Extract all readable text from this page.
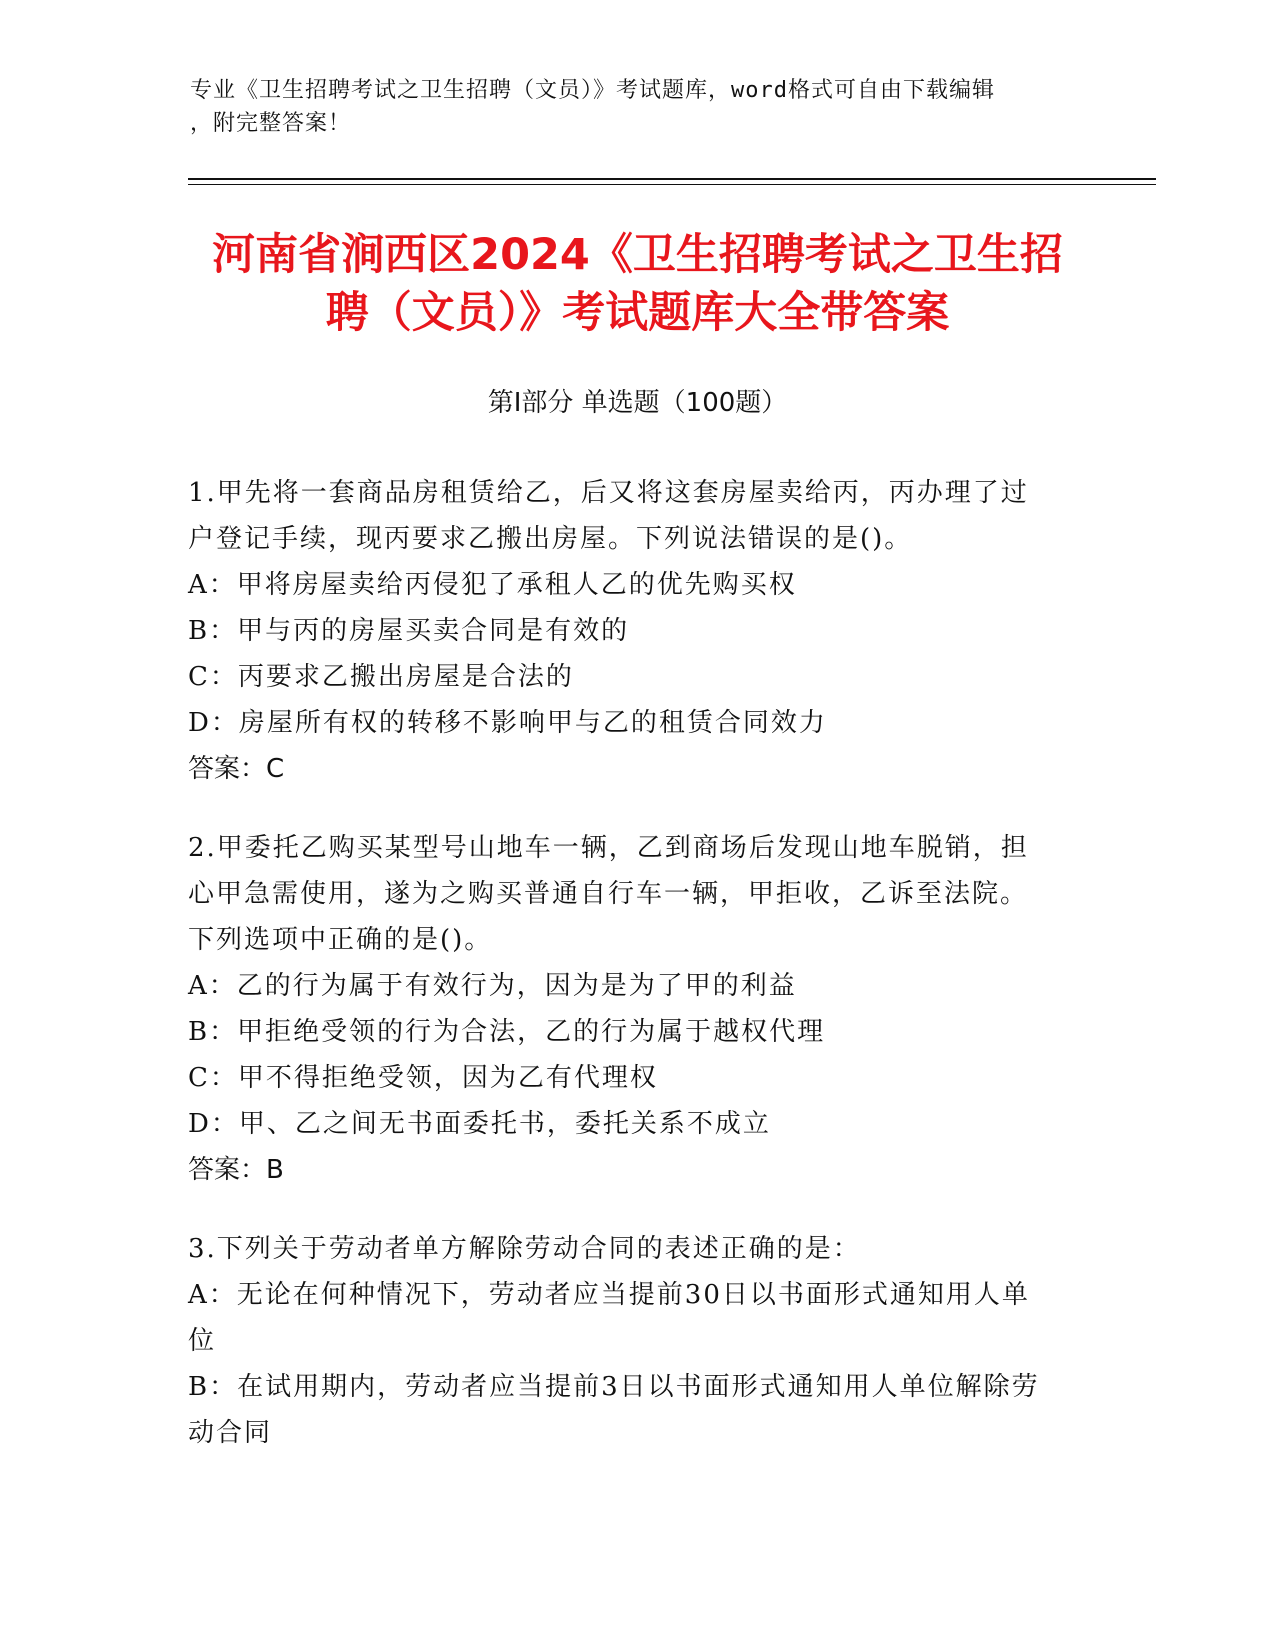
专业《卫生招聘考试之卫生招聘（文员）》考试题库，word格式可自由下载编辑
，附完整答案！
河南省涧西区2024《卫生招聘考试之卫生招
聘（文员）》考试题库大全带答案
第Ⅰ部分 单选题（100题）
1.甲先将一套商品房租赁给乙，后又将这套房屋卖给丙，丙办理了过
户登记手续，现丙要求乙搬出房屋。下列说法错误的是()。
A：甲将房屋卖给丙侵犯了承租人乙的优先购买权
B：甲与丙的房屋买卖合同是有效的
C：丙要求乙搬出房屋是合法的
D：房屋所有权的转移不影响甲与乙的租赁合同效力
答案：C
2.甲委托乙购买某型号山地车一辆，乙到商场后发现山地车脱销，担
心甲急需使用，遂为之购买普通自行车一辆，甲拒收，乙诉至法院。
下列选项中正确的是()。
A：乙的行为属于有效行为，因为是为了甲的利益
B：甲拒绝受领的行为合法，乙的行为属于越权代理
C：甲不得拒绝受领，因为乙有代理权
D：甲、乙之间无书面委托书，委托关系不成立
答案：B
3.下列关于劳动者单方解除劳动合同的表述正确的是：
A：无论在何种情况下，劳动者应当提前30日以书面形式通知用人单
位
B：在试用期内，劳动者应当提前3日以书面形式通知用人单位解除劳
动合同
